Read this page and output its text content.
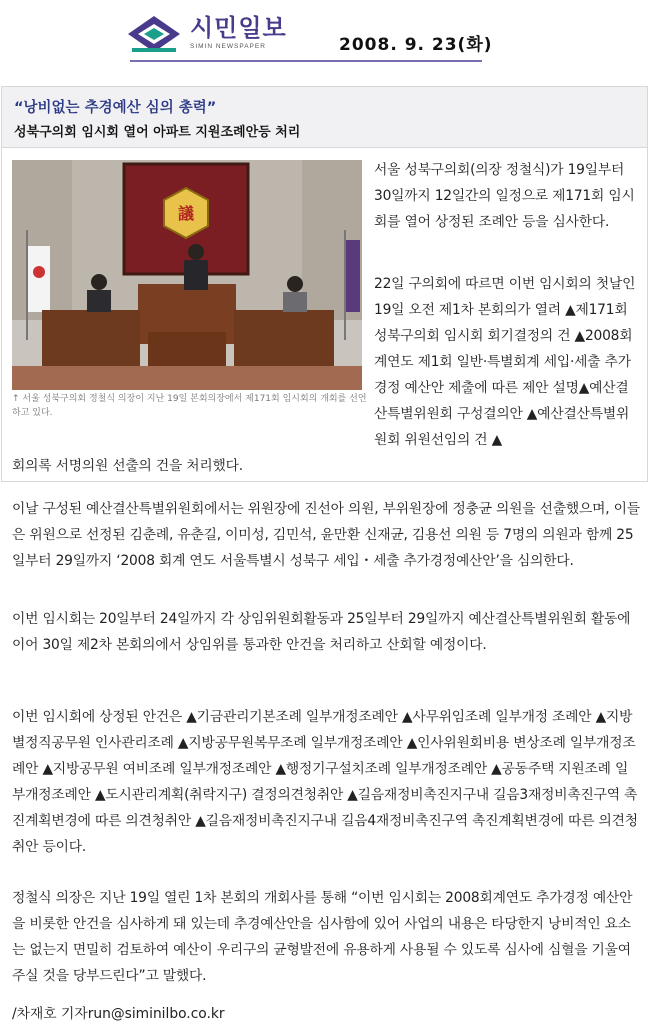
시민일보
SIMIN NEWSPAPER	2008. 9. 23(화)
“낭비없는 추경예산 심의 총력”
성북구의회 임시회 열어 아파트 지원조례안등 처리
議
↑ 서울 성북구의회 정철식 의장이 지난 19일 본회의장에서 제171회 임시회의 개회를 선언하고 있다.
서울 성북구의회(의장 정철식)가 19일부터 30일까지 12일간의 일정으로 제171회 임시회를 열어 상정된 조례안 등을 심사한다.
22일 구의회에 따르면 이번 임시회의 첫날인 19일 오전 제1차 본회의가 열려 ▲제171회 성북구의회 임시회 회기결정의 건 ▲2008회계연도 제1회 일반·특별회계 세입·세출 추가경정 예산안 제출에 따른 제안 설명▲예산결산특별위원회 구성결의안 ▲예산결산특별위원회 위원선임의 건 ▲
회의록 서명의원 선출의 건을 처리했다.
이날 구성된 예산결산특별위원회에서는 위원장에 진선아 의원, 부위원장에 정충균 의원을 선출했으며, 이들은 위원으로 선정된 김춘례, 유춘길, 이미성, 김민석, 윤만환 신재균, 김용선 의원 등 7명의 의원과 함께 25일부터 29일까지 ‘2008 회계 연도 서울특별시 성북구 세입・세출 추가경정예산안’을 심의한다.
이번 임시회는 20일부터 24일까지 각 상임위원회활동과 25일부터 29일까지 예산결산특별위원회 활동에 이어 30일 제2차 본회의에서 상임위를 통과한 안건을 처리하고 산회할 예정이다.
이번 임시회에 상정된 안건은 ▲기금관리기본조례 일부개정조례안 ▲사무위임조례 일부개정 조례안 ▲지방별정직공무원 인사관리조례 ▲지방공무원복무조례 일부개정조례안 ▲인사위원회비용 변상조례 일부개정조례안 ▲지방공무원 여비조례 일부개정조례안 ▲행정기구설치조례 일부개정조례안 ▲공동주택 지원조례 일부개정조례안 ▲도시관리계획(취락지구) 결정의견청취안 ▲길음재정비촉진지구내 길음3재정비촉진구역 촉진계획변경에 따른 의견청취안 ▲길음재정비촉진지구내 길음4재정비촉진구역 촉진계획변경에 따른 의견청취안 등이다.
정철식 의장은 지난 19일 열린 1차 본회의 개회사를 통해 “이번 임시회는 2008회계연도 추가경정 예산안을 비롯한 안건을 심사하게 돼 있는데 추경예산안을 심사함에 있어 사업의 내용은 타당한지 낭비적인 요소는 없는지 면밀히 검토하여 예산이 우리구의 균형발전에 유용하게 사용될 수 있도록 심사에 심혈을 기울여 주실 것을 당부드린다”고 말했다.
/차재호 기자run@siminilbo.co.kr
